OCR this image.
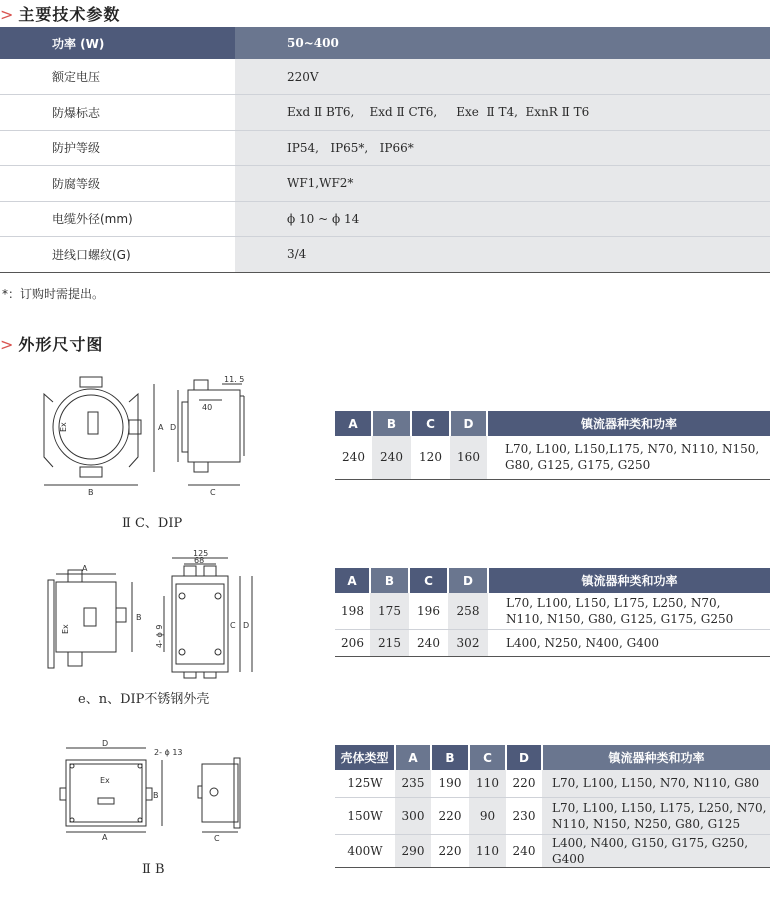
> 主要技术参数
功率 (W)	50~400
额定电压	220V
防爆标志	Exd Ⅱ BT6,    Exd Ⅱ CT6,     Exe  Ⅱ T4,  ExnR Ⅱ T6
防护等级	IP54,   IP65*,   IP66*
防腐等级	WF1,WF2*
电缆外径(mm)	ϕ 10 ~ ϕ 14
进线口螺纹(G)	3/4
*：订购时需提出。
> 外形尺寸图
Ex
B
A D
C
11. 5
40
Ⅱ C、DIP
Ex
A
B
125
68
C D
4- ϕ 9
e、n、DIP不锈钢外壳
Ex
D
A
B
2- ϕ 13
C
Ⅱ B
A	B	C	D	镇流器种类和功率
240	240	120	160	L70, L100, L150,L175, N70, N110, N150,
G80, G125, G175, G250
A	B	C	D	镇流器种类和功率
198	175	196	258	L70, L100, L150, L175, L250, N70,
N110, N150, G80, G125, G175, G250

206	215	240	302	L400, N250, N400, G400
壳体类型	A	B	C	D	镇流器种类和功率
125W	235	190	110	220	L70, L100, L150, N70, N110, G80

150W	300	220	90	230	L70, L100, L150, L175, L250, N70,
N110, N150, N250, G80, G125

400W	290	220	110	240	L400, N400, G150, G175, G250, G400
